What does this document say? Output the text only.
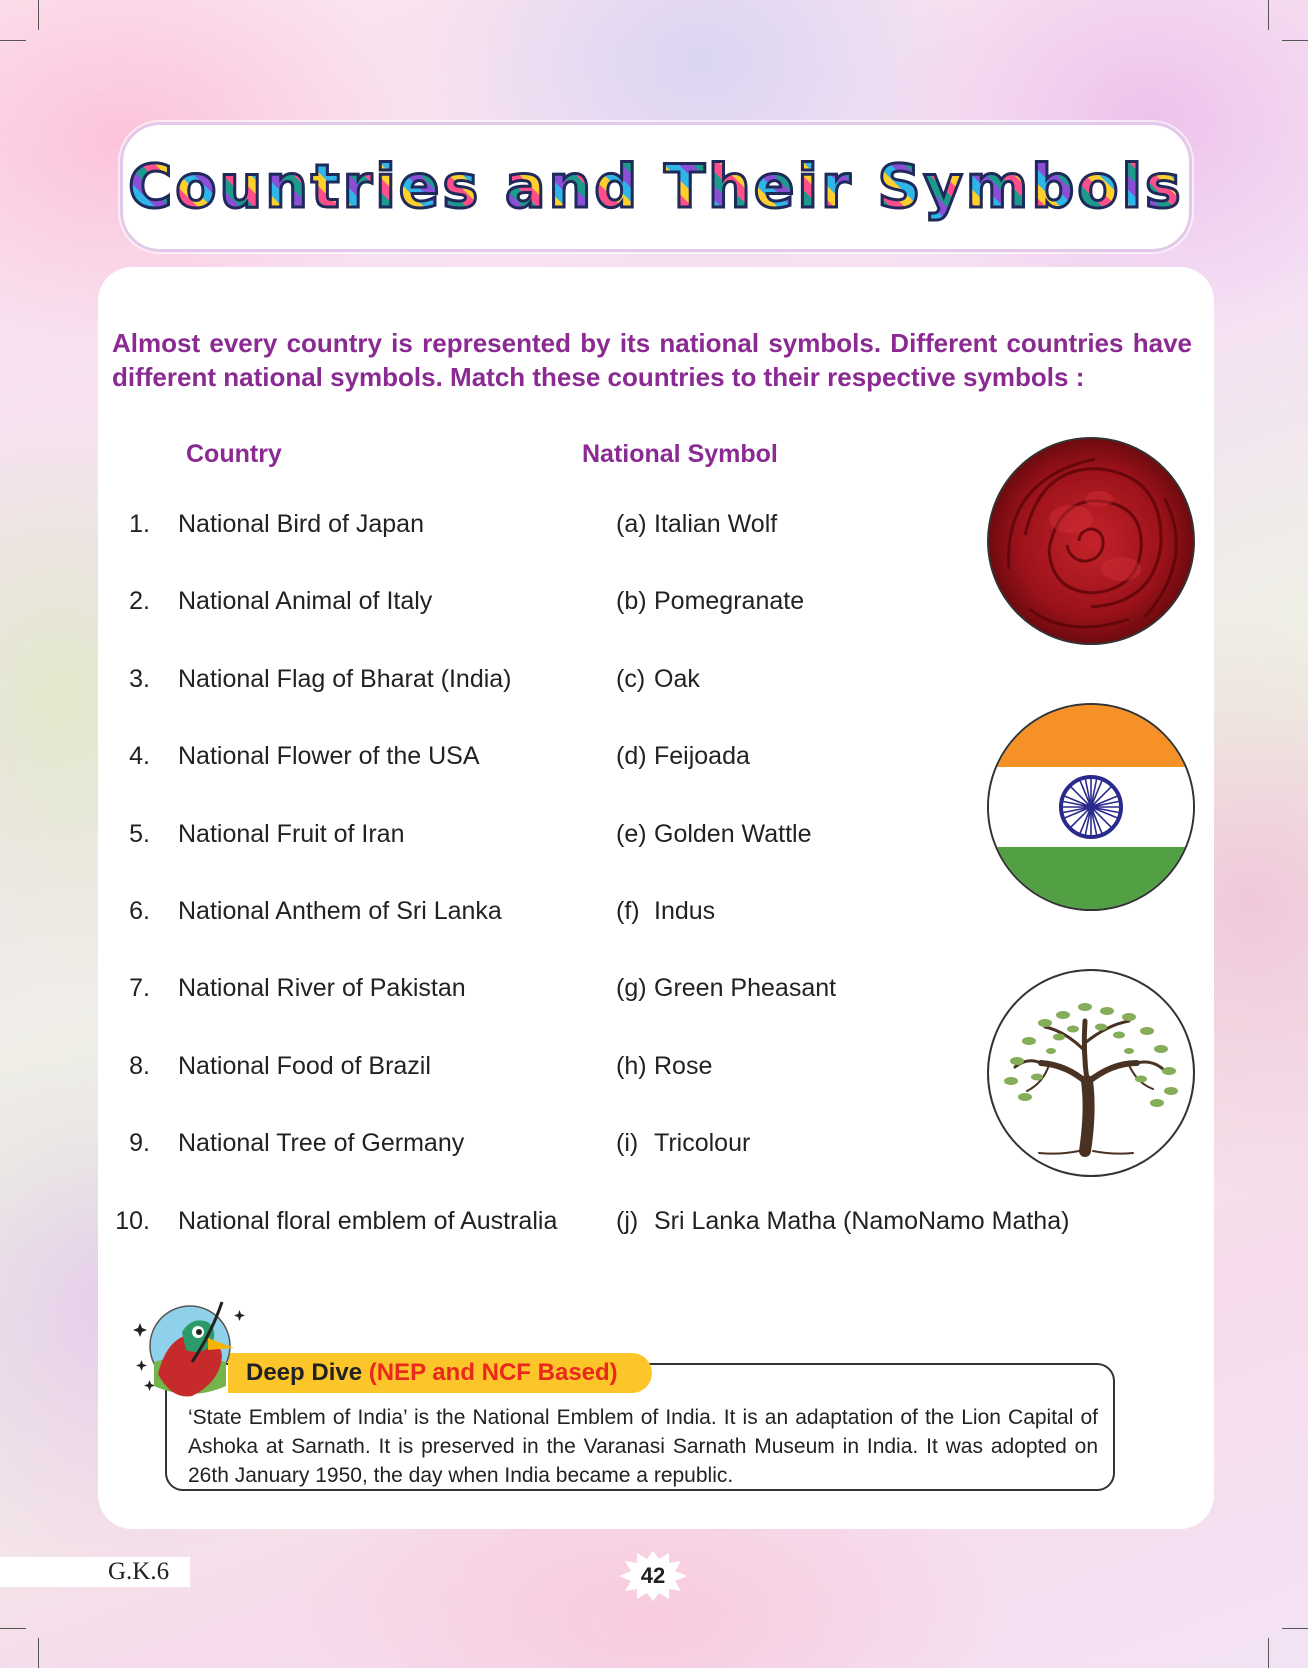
Countries and Their Symbols
Almost every country is represented by its national symbols. Different countries have different national symbols. Match these countries to their respective symbols :
Country	National Symbol
1. National Bird of Japan	(a) Italian Wolf
2. National Animal of Italy	(b) Pomegranate
3. National Flag of Bharat (India)	(c) Oak
4. National Flower of the USA	(d) Feijoada
5. National Fruit of Iran	(e) Golden Wattle
6. National Anthem of Sri Lanka	(f) Indus
7. National River of Pakistan	(g) Green Pheasant
8. National Food of Brazil	(h) Rose
9. National Tree of Germany	(i) Tricolour
10. National floral emblem of Australia (j) Sri Lanka Matha (NamoNamo Matha)
Deep Dive (NEP and NCF Based)
‘State Emblem of India’ is the National Emblem of India. It is an adaptation of the Lion Capital of Ashoka at Sarnath. It is preserved in the Varanasi Sarnath Museum in India. It was adopted on 26th January 1950, the day when India became a republic.
G.K.6	42
